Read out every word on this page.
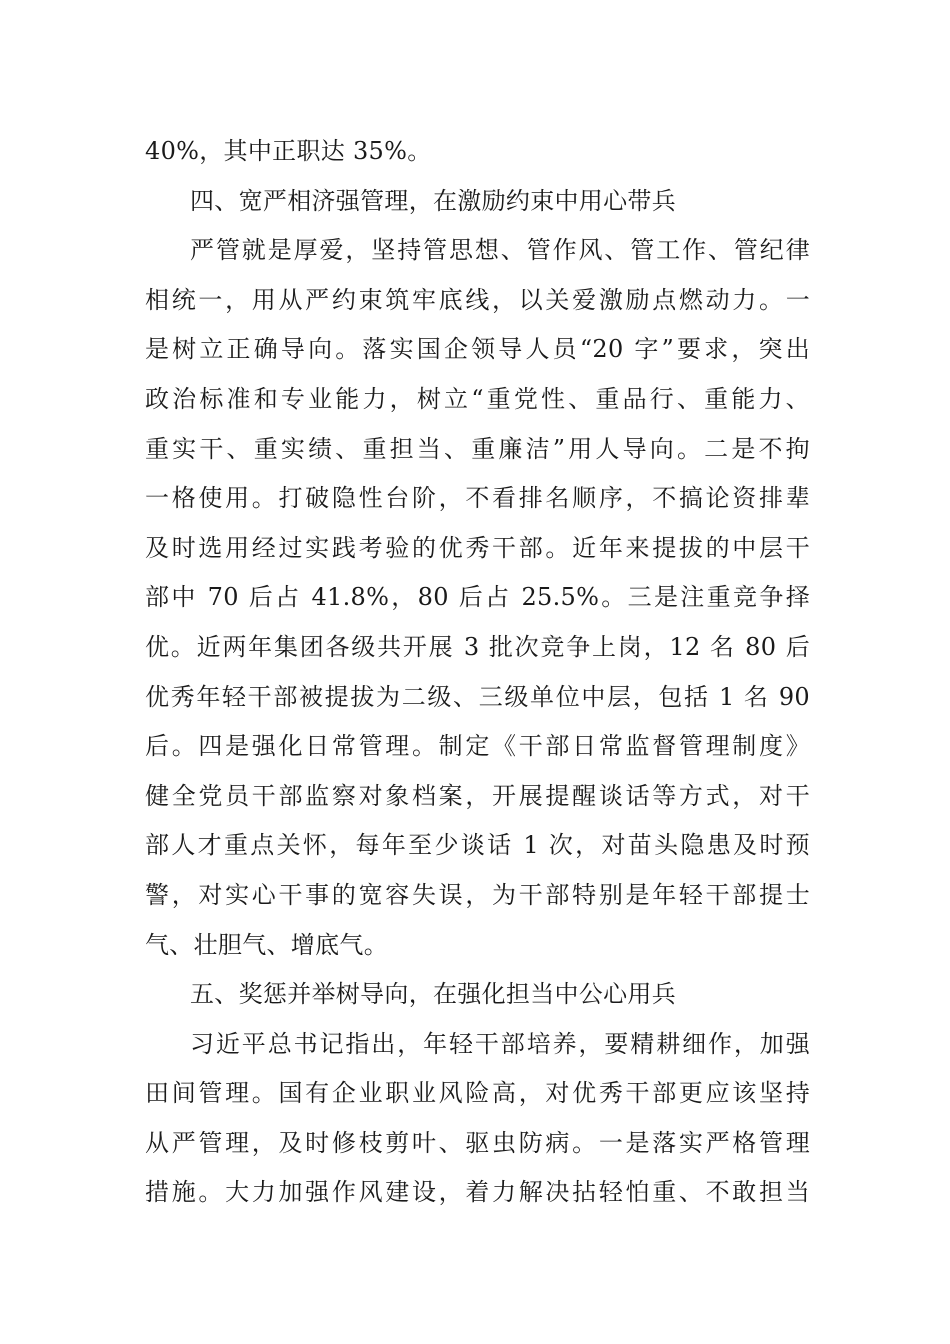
40%，其中正职达 35%。
四、宽严相济强管理，在激励约束中用心带兵
严管就是厚爱，坚持管思想、管作风、管工作、管纪律
相统一，用从严约束筑牢底线，以关爱激励点燃动力。一
是树立正确导向。落实国企领导人员“20 字”要求，突出
政治标准和专业能力，树立“重党性、重品行、重能力、
重实干、重实绩、重担当、重廉洁”用人导向。二是不拘
一格使用。打破隐性台阶，不看排名顺序，不搞论资排辈
及时选用经过实践考验的优秀干部。近年来提拔的中层干
部中 70 后占 41.8%，80 后占 25.5%。三是注重竞争择
优。近两年集团各级共开展 3 批次竞争上岗，12 名 80 后
优秀年轻干部被提拔为二级、三级单位中层，包括 1 名 90
后。四是强化日常管理。制定《干部日常监督管理制度》
健全党员干部监察对象档案，开展提醒谈话等方式，对干
部人才重点关怀，每年至少谈话 1 次，对苗头隐患及时预
警，对实心干事的宽容失误，为干部特别是年轻干部提士
气、壮胆气、增底气。
五、奖惩并举树导向，在强化担当中公心用兵
习近平总书记指出，年轻干部培养，要精耕细作，加强
田间管理。国有企业职业风险高，对优秀干部更应该坚持
从严管理，及时修枝剪叶、驱虫防病。一是落实严格管理
措施。大力加强作风建设，着力解决拈轻怕重、不敢担当
